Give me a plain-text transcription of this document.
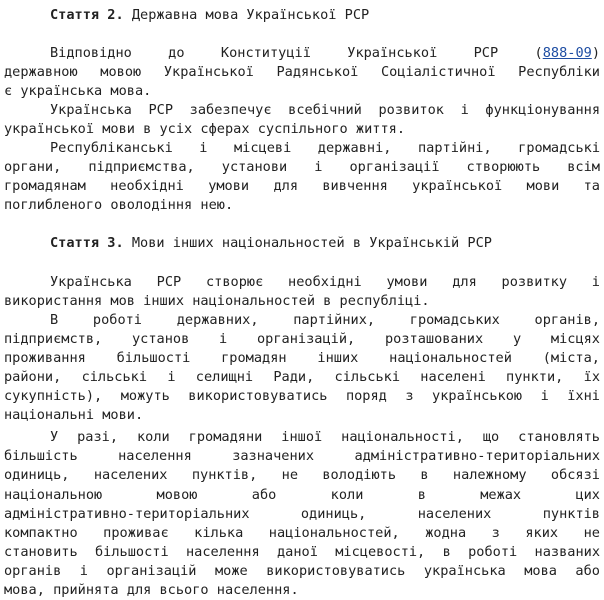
Стаття 2. Державна мова Української РСР
Відповідно до Конституції Української РСР (888-09)
державною мовою Української Радянської Соціалістичної Республіки
є українська мова.
Українська РСР забезпечує всебічний розвиток і функціонування
української мови в усіх сферах суспільного життя.
Республіканські і місцеві державні, партійні, громадські
органи, підприємства, установи і організації створюють всім
громадянам необхідні умови для вивчення української мови та
поглибленого оволодіння нею.
Стаття 3. Мови інших національностей в Українській РСР
Українська РСР створює необхідні умови для розвитку і
використання мов інших національностей в республіці.
В роботі державних, партійних, громадських органів,
підприємств, установ і організацій, розташованих у місцях
проживання більшості громадян інших національностей (міста,
райони, сільські і селищні Ради, сільські населені пункти, їх
сукупність), можуть використовуватись поряд з українською і їхні
національні мови.
У разі, коли громадяни іншої національності, що становлять
більшість населення зазначених адміністративно-територіальних
одиниць, населених пунктів, не володіють в належному обсязі
національною мовою або коли в межах цих
адміністративно-територіальних одиниць, населених пунктів
компактно проживає кілька національностей, жодна з яких не
становить більшості населення даної місцевості, в роботі названих
органів і організацій може використовуватись українська мова або
мова, прийнята для всього населення.
